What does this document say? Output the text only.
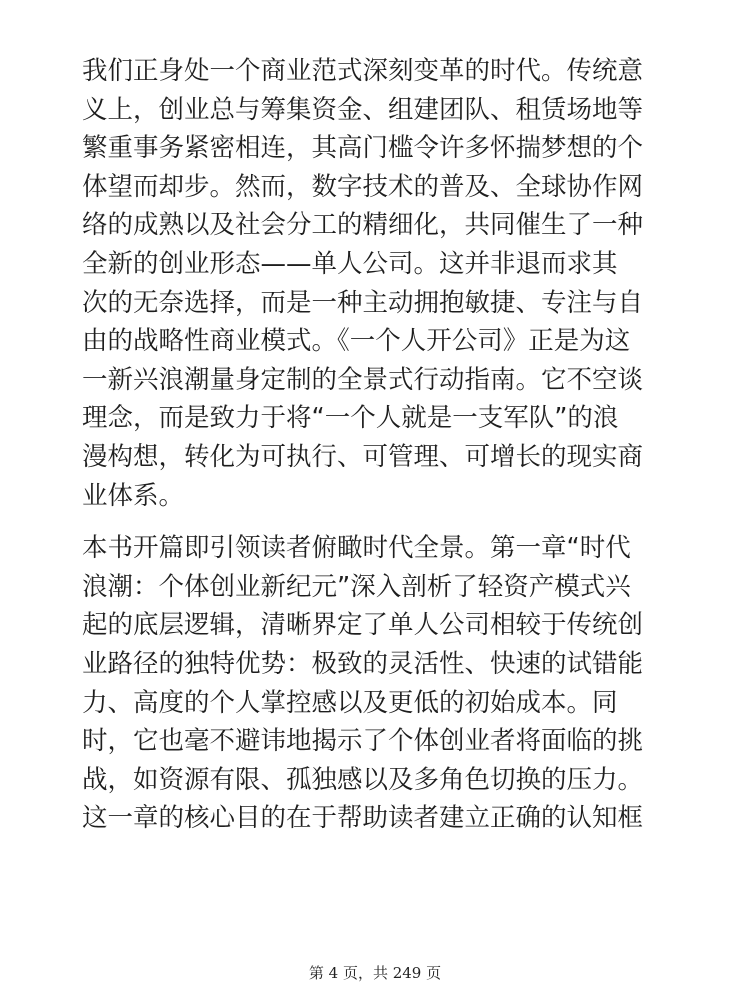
我们正身处一个商业范式深刻变革的时代。传统意
义上，创业总与筹集资金、组建团队、租赁场地等
繁重事务紧密相连，其高门槛令许多怀揣梦想的个
体望而却步。然而，数字技术的普及、全球协作网
络的成熟以及社会分工的精细化，共同催生了一种
全新的创业形态——单人公司。这并非退而求其
次的无奈选择，而是一种主动拥抱敏捷、专注与自
由的战略性商业模式。《一个人开公司》正是为这
一新兴浪潮量身定制的全景式行动指南。它不空谈
理念，而是致力于将“一个人就是一支军队”的浪
漫构想，转化为可执行、可管理、可增长的现实商
业体系。
本书开篇即引领读者俯瞰时代全景。第一章“时代
浪潮：个体创业新纪元”深入剖析了轻资产模式兴
起的底层逻辑，清晰界定了单人公司相较于传统创
业路径的独特优势：极致的灵活性、快速的试错能
力、高度的个人掌控感以及更低的初始成本。同
时，它也毫不避讳地揭示了个体创业者将面临的挑
战，如资源有限、孤独感以及多角色切换的压力。
这一章的核心目的在于帮助读者建立正确的认知框
第 4 页，共 249 页
